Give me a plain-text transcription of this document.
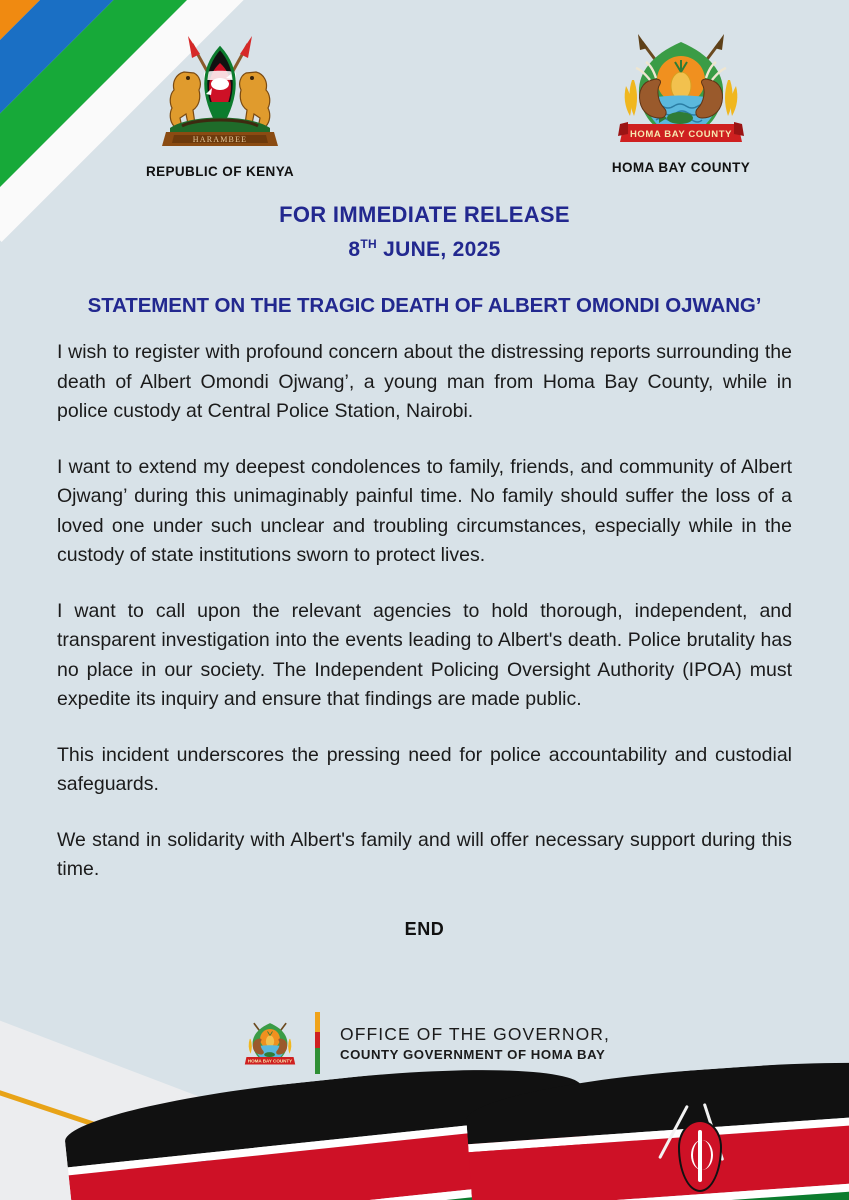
HARAMBEE
REPUBLIC OF KENYA
HOMA BAY COUNTY
HOMA BAY COUNTY
FOR IMMEDIATE RELEASE
8TH JUNE, 2025
STATEMENT ON THE TRAGIC DEATH OF ALBERT OMONDI OJWANG’

I wish to register with profound concern about the distressing reports surrounding the death of Albert Omondi Ojwang’, a young man from Homa Bay County, while in police custody at Central Police Station, Nairobi.

I want to extend my deepest condolences to family, friends, and community of Albert Ojwang’ during this unimaginably painful time. No family should suffer the loss of a loved one under such unclear and troubling circumstances, especially while in the custody of state institutions sworn to protect lives.

I want to call upon the relevant agencies to hold thorough, independent, and transparent investigation into the events leading to Albert's death. Police brutality has no place in our society. The Independent Policing Oversight Authority (IPOA) must expedite its inquiry and ensure that findings are made public.

This incident underscores the pressing need for police accountability and custodial safeguards.

We stand in solidarity with Albert's family and will offer necessary support during this time.

END
HOMA BAY COUNTY
OFFICE OF THE GOVERNOR,
COUNTY GOVERNMENT OF HOMA BAY
